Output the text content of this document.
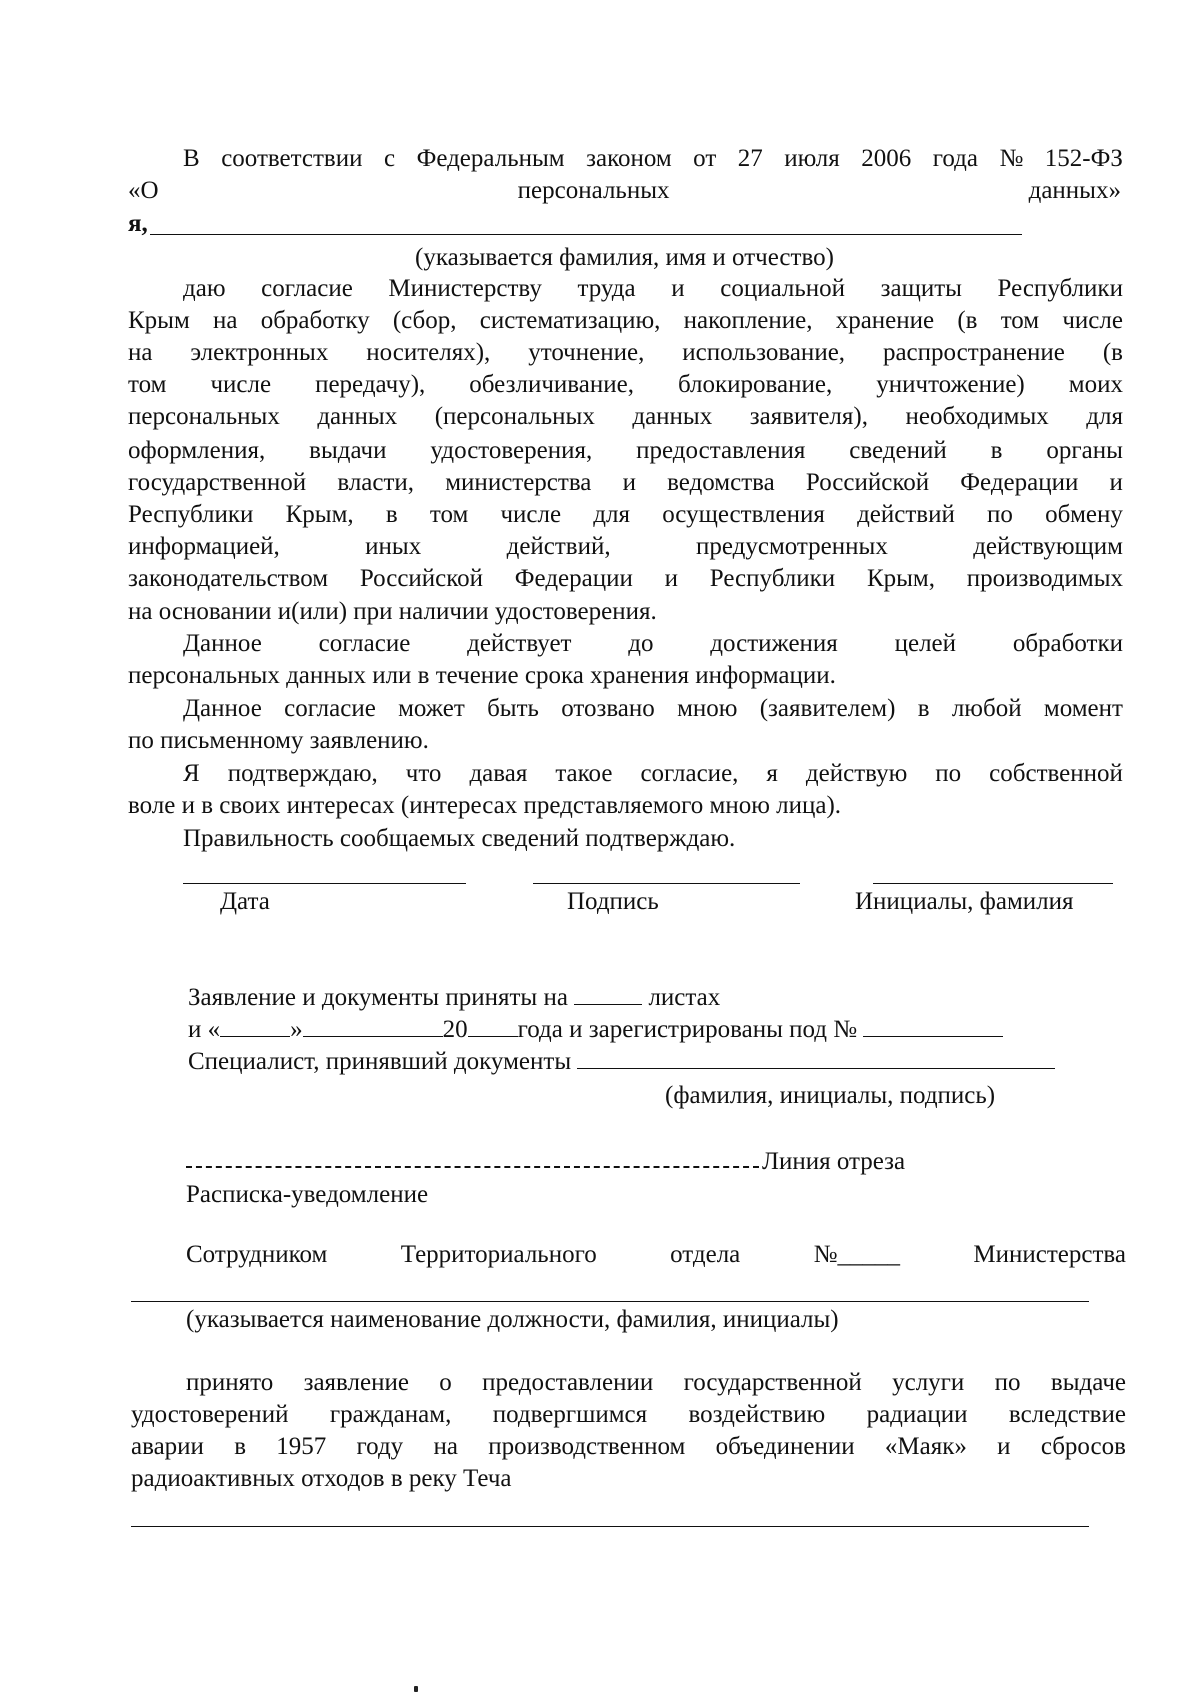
В соответствии с Федеральным законом от 27 июля 2006 года № 152-ФЗ
«О	персональных	данных»
я,
(указывается фамилия, имя и отчество)
даю согласие Министерству труда и социальной защиты Республики
Крым на обработку (сбор, систематизацию, накопление, хранение (в том числе
на электронных носителях), уточнение, использование, распространение (в
том числе передачу), обезличивание, блокирование, уничтожение) моих
персональных данных (персональных данных заявителя), необходимых для
оформления, выдачи удостоверения, предоставления сведений в органы
государственной власти, министерства и ведомства Российской Федерации и
Республики Крым, в том числе для осуществления действий по обмену
информацией,	иных	действий,	предусмотренных	действующим
законодательством Российской Федерации и Республики Крым, производимых
на основании и(или) при наличии удостоверения.
Данное согласие действует до достижения целей обработки
персональных данных или в течение срока хранения информации.
Данное согласие может быть отозвано мною (заявителем) в любой момент
по письменному заявлению.
Я подтверждаю, что давая такое согласие, я действую по собственной
воле и в своих интересах (интересах представляемого мною лица).
Правильность сообщаемых сведений подтверждаю.
Дата	Подпись	Инициалы, фамилия
Заявление и документы приняты на	листах
и «	»	20 года и зарегистрированы под №
Специалист, принявший документы
(фамилия, инициалы, подпись)
Линия отреза
Расписка-уведомление
Сотрудником	Территориального	отдела	№_____	Министерства
(указывается наименование должности, фамилия, инициалы)
принято заявление о предоставлении государственной услуги по выдаче
удостоверений гражданам, подвергшимся воздействию радиации вследствие
аварии в 1957 году на производственном объединении «Маяк» и сбросов
радиоактивных отходов в реку Теча
